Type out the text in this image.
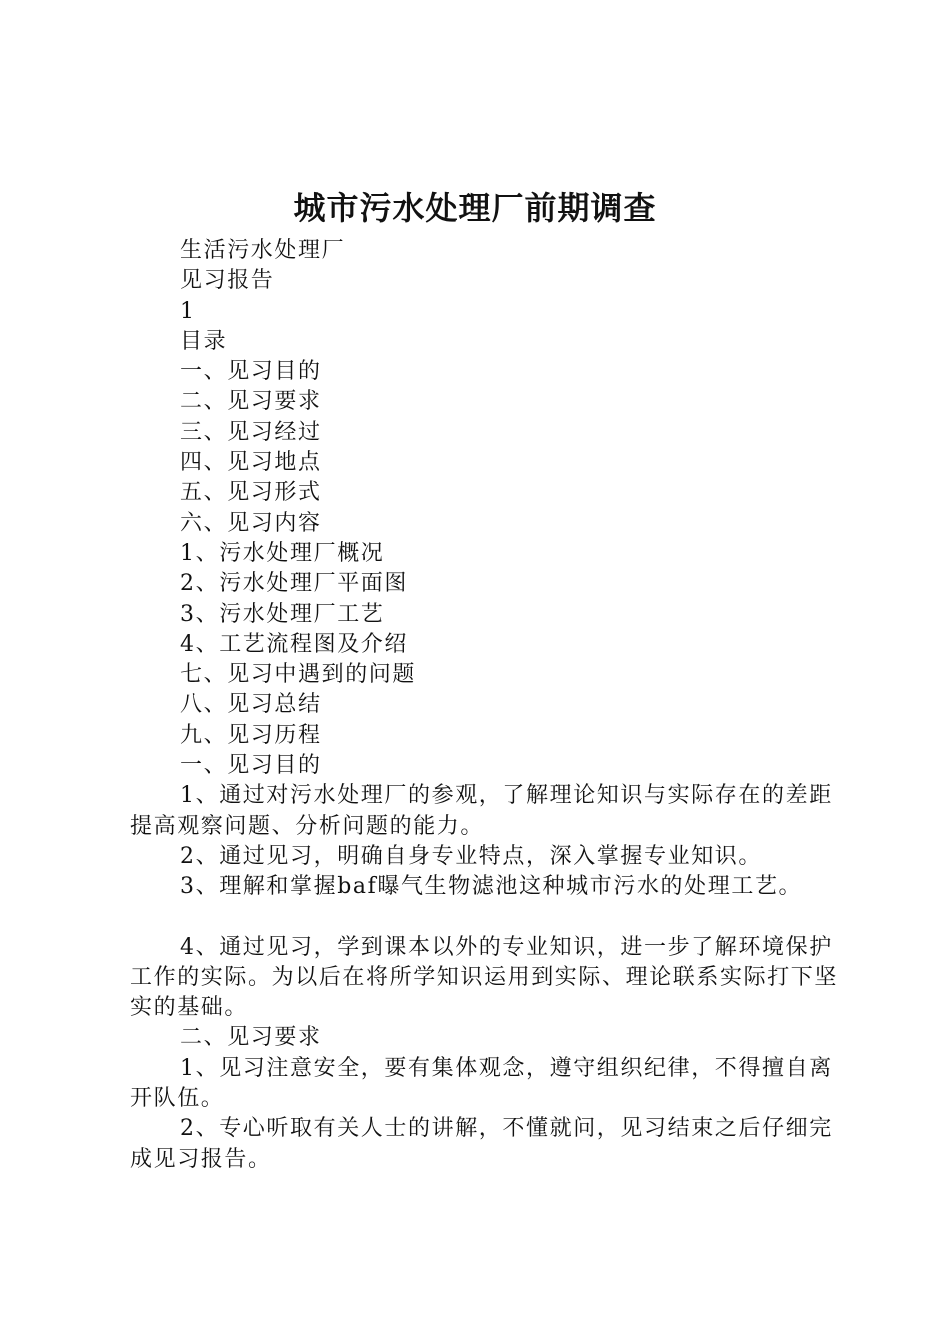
城市污水处理厂前期调查

生活污水处理厂

见习报告

1

目录

一、见习目的

二、见习要求

三、见习经过

四、见习地点

五、见习形式

六、见习内容

1、污水处理厂概况

2、污水处理厂平面图

3、污水处理厂工艺

4、工艺流程图及介绍

七、见习中遇到的问题

八、见习总结

九、见习历程

一、见习目的

1、通过对污水处理厂的参观，了解理论知识与实际存在的差距提高观察问题、分析问题的能力。

2、通过见习，明确自身专业特点，深入掌握专业知识。

3、理解和掌握baf曝气生物滤池这种城市污水的处理工艺。

4、通过见习，学到课本以外的专业知识，进一步了解环境保护工作的实际。为以后在将所学知识运用到实际、理论联系实际打下坚实的基础。

二、见习要求

1、见习注意安全，要有集体观念，遵守组织纪律，不得擅自离开队伍。

2、专心听取有关人士的讲解，不懂就问，见习结束之后仔细完成见习报告。
